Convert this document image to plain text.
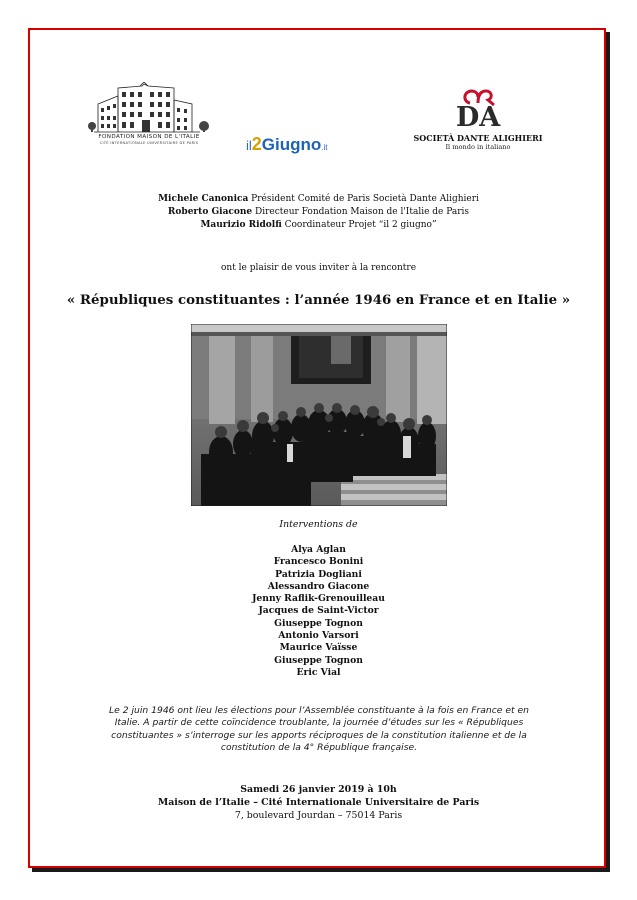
FONDATION MAISON DE L'ITALIE
CITÉ INTERNATIONALE UNIVERSITAIRE DE PARIS	il2Giugno.it
DA
SOCIETÀ DANTE ALIGHIERI
Il mondo in italiano
Michele Canonica Président Comité de Paris Società Dante Alighieri
Roberto Giacone Directeur Fondation Maison de l'Italie de Paris
Maurizio Ridolfi Coordinateur Projet “il 2 giugno”
ont le plaisir de vous inviter à la rencontre
« Républiques constituantes : l’année 1946 en France et en Italie »
Interventions de
Alya Aglan
Francesco Bonini
Patrizia Dogliani
Alessandro Giacone
Jenny Raflik-Grenouilleau
Jacques de Saint-Victor
Giuseppe Tognon
Antonio Varsori
Maurice Vaïsse
Giuseppe Tognon
Eric Vial
Le 2 juin 1946 ont lieu les élections pour l’Assemblée constituante à la fois en France et en
Italie. A partir de cette coïncidence troublante, la journée d’études sur les « Républiques
constituantes » s’interroge sur les apports réciproques de la constitution italienne et de la
constitution de la 4° République française.
Samedi 26 janvier 2019 à 10h
Maison de l’Italie – Cité Internationale Universitaire de Paris
7, boulevard Jourdan – 75014 Paris
